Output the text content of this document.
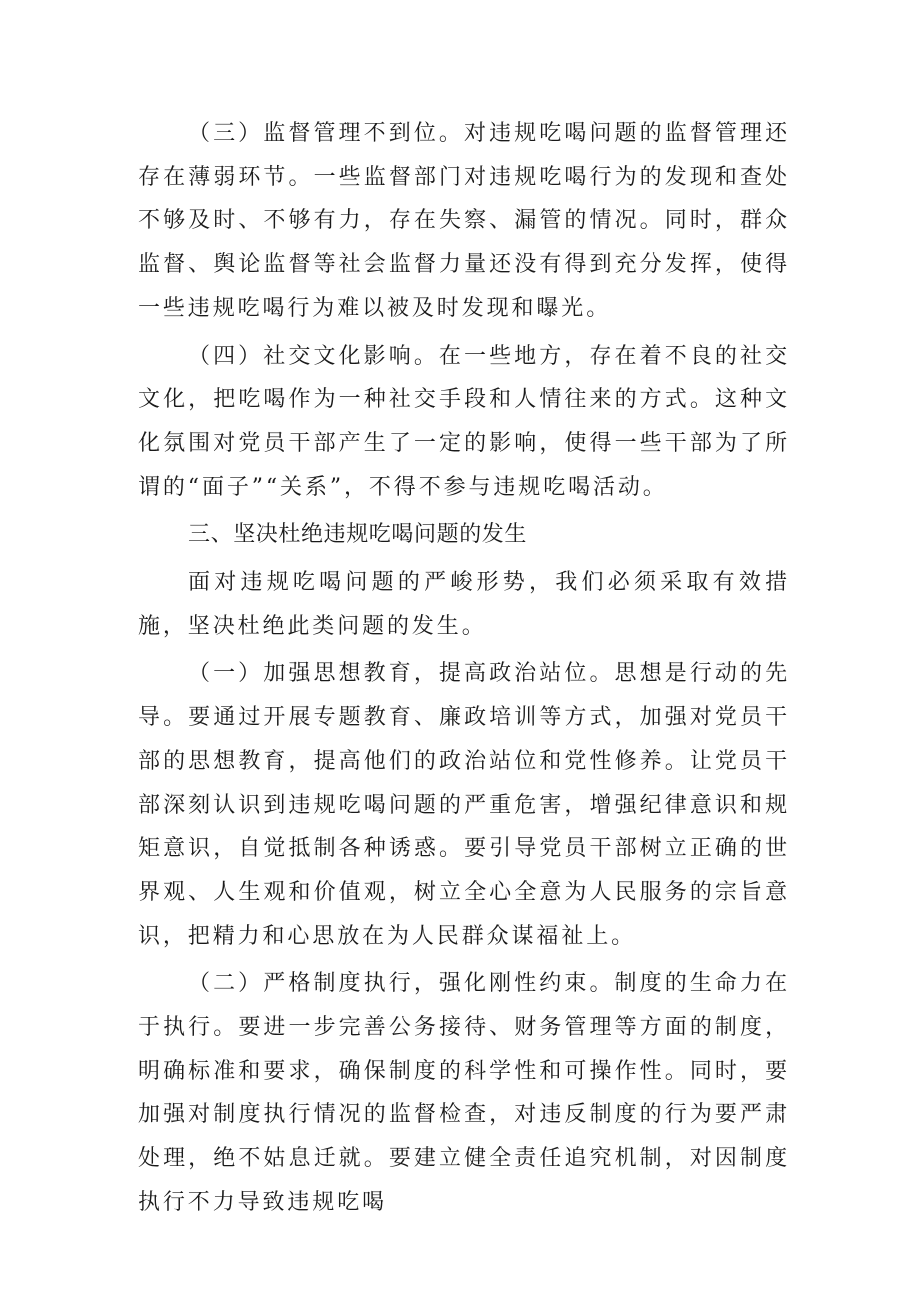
（三）监督管理不到位。对违规吃喝问题的监督管理还存在薄弱环节。一些监督部门对违规吃喝行为的发现和查处不够及时、不够有力，存在失察、漏管的情况。同时，群众监督、舆论监督等社会监督力量还没有得到充分发挥，使得一些违规吃喝行为难以被及时发现和曝光。

（四）社交文化影响。在一些地方，存在着不良的社交文化，把吃喝作为一种社交手段和人情往来的方式。这种文化氛围对党员干部产生了一定的影响，使得一些干部为了所谓的“面子”“关系”，不得不参与违规吃喝活动。

三、坚决杜绝违规吃喝问题的发生

面对违规吃喝问题的严峻形势，我们必须采取有效措施，坚决杜绝此类问题的发生。

（一）加强思想教育，提高政治站位。思想是行动的先导。要通过开展专题教育、廉政培训等方式，加强对党员干部的思想教育，提高他们的政治站位和党性修养。让党员干部深刻认识到违规吃喝问题的严重危害，增强纪律意识和规矩意识，自觉抵制各种诱惑。要引导党员干部树立正确的世界观、人生观和价值观，树立全心全意为人民服务的宗旨意识，把精力和心思放在为人民群众谋福祉上。

（二）严格制度执行，强化刚性约束。制度的生命力在于执行。要进一步完善公务接待、财务管理等方面的制度，明确标准和要求，确保制度的科学性和可操作性。同时，要加强对制度执行情况的监督检查，对违反制度的行为要严肃处理，绝不姑息迁就。要建立健全责任追究机制，对因制度执行不力导致违规吃喝
